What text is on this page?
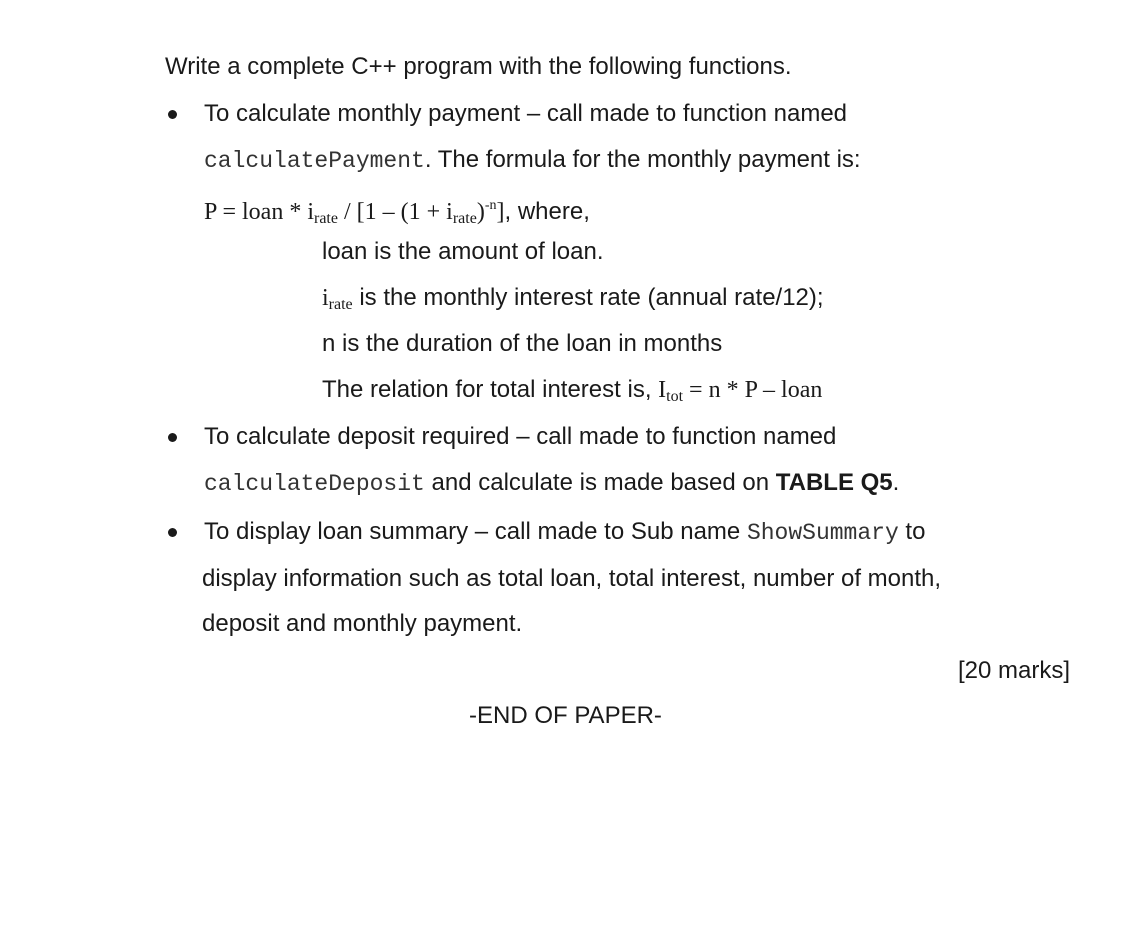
Write a complete C++ program with the following functions.
To calculate monthly payment – call made to function named
calculatePayment. The formula for the monthly payment is:
P = loan * $i_{rate} / [1 - (1 + i_{rate})^{-n}]$, where,
loan is the amount of loan.
$i_{rate}$ is the monthly interest rate (annual rate/12);
n is the duration of the loan in months
The relation for total interest is, $I_{tot} = n * P$ – loan
To calculate deposit required – call made to function named
calculateDeposit and calculate is made based on TABLE Q5.
To display loan summary – call made to Sub name ShowSummary to
display information such as total loan, total interest, number of month,
deposit and monthly payment.
[20 marks]
-END OF PAPER-
